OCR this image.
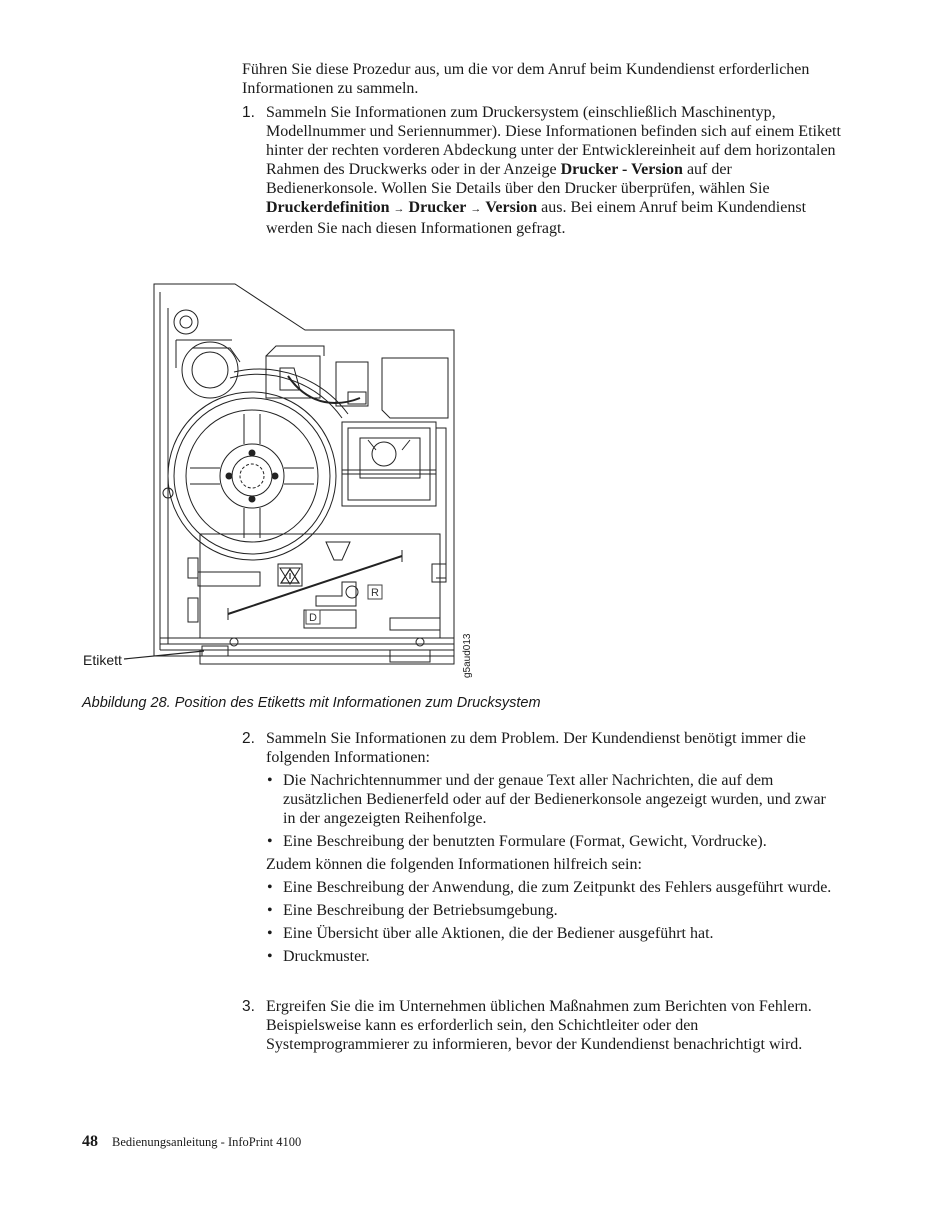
Führen Sie diese Prozedur aus, um die vor dem Anruf beim Kundendienst erforderlichen Informationen zu sammeln.
1. Sammeln Sie Informationen zum Druckersystem (einschließlich Maschinentyp, Modellnummer und Seriennummer). Diese Informationen befinden sich auf einem Etikett hinter der rechten vorderen Abdeckung unter der Entwicklereinheit auf dem horizontalen Rahmen des Druckwerks oder in der Anzeige Drucker - Version auf der Bedienerkonsole. Wollen Sie Details über den Drucker überprüfen, wählen Sie Druckerdefinition → Drucker → Version aus. Bei einem Anruf beim Kundendienst werden Sie nach diesen Informationen gefragt.
R
D
Etikett	g5aud013
Abbildung 28. Position des Etiketts mit Informationen zum Drucksystem
2. Sammeln Sie Informationen zu dem Problem. Der Kundendienst benötigt immer die folgenden Informationen:
• Die Nachrichtennummer und der genaue Text aller Nachrichten, die auf dem zusätzlichen Bedienerfeld oder auf der Bedienerkonsole angezeigt wurden, und zwar in der angezeigten Reihenfolge.
• Eine Beschreibung der benutzten Formulare (Format, Gewicht, Vordrucke).
Zudem können die folgenden Informationen hilfreich sein:
• Eine Beschreibung der Anwendung, die zum Zeitpunkt des Fehlers ausgeführt wurde.
• Eine Beschreibung der Betriebsumgebung.
• Eine Übersicht über alle Aktionen, die der Bediener ausgeführt hat.
• Druckmuster.
3. Ergreifen Sie die im Unternehmen üblichen Maßnahmen zum Berichten von Fehlern. Beispielsweise kann es erforderlich sein, den Schichtleiter oder den Systemprogrammierer zu informieren, bevor der Kundendienst benachrichtigt wird.
48 Bedienungsanleitung - InfoPrint 4100
